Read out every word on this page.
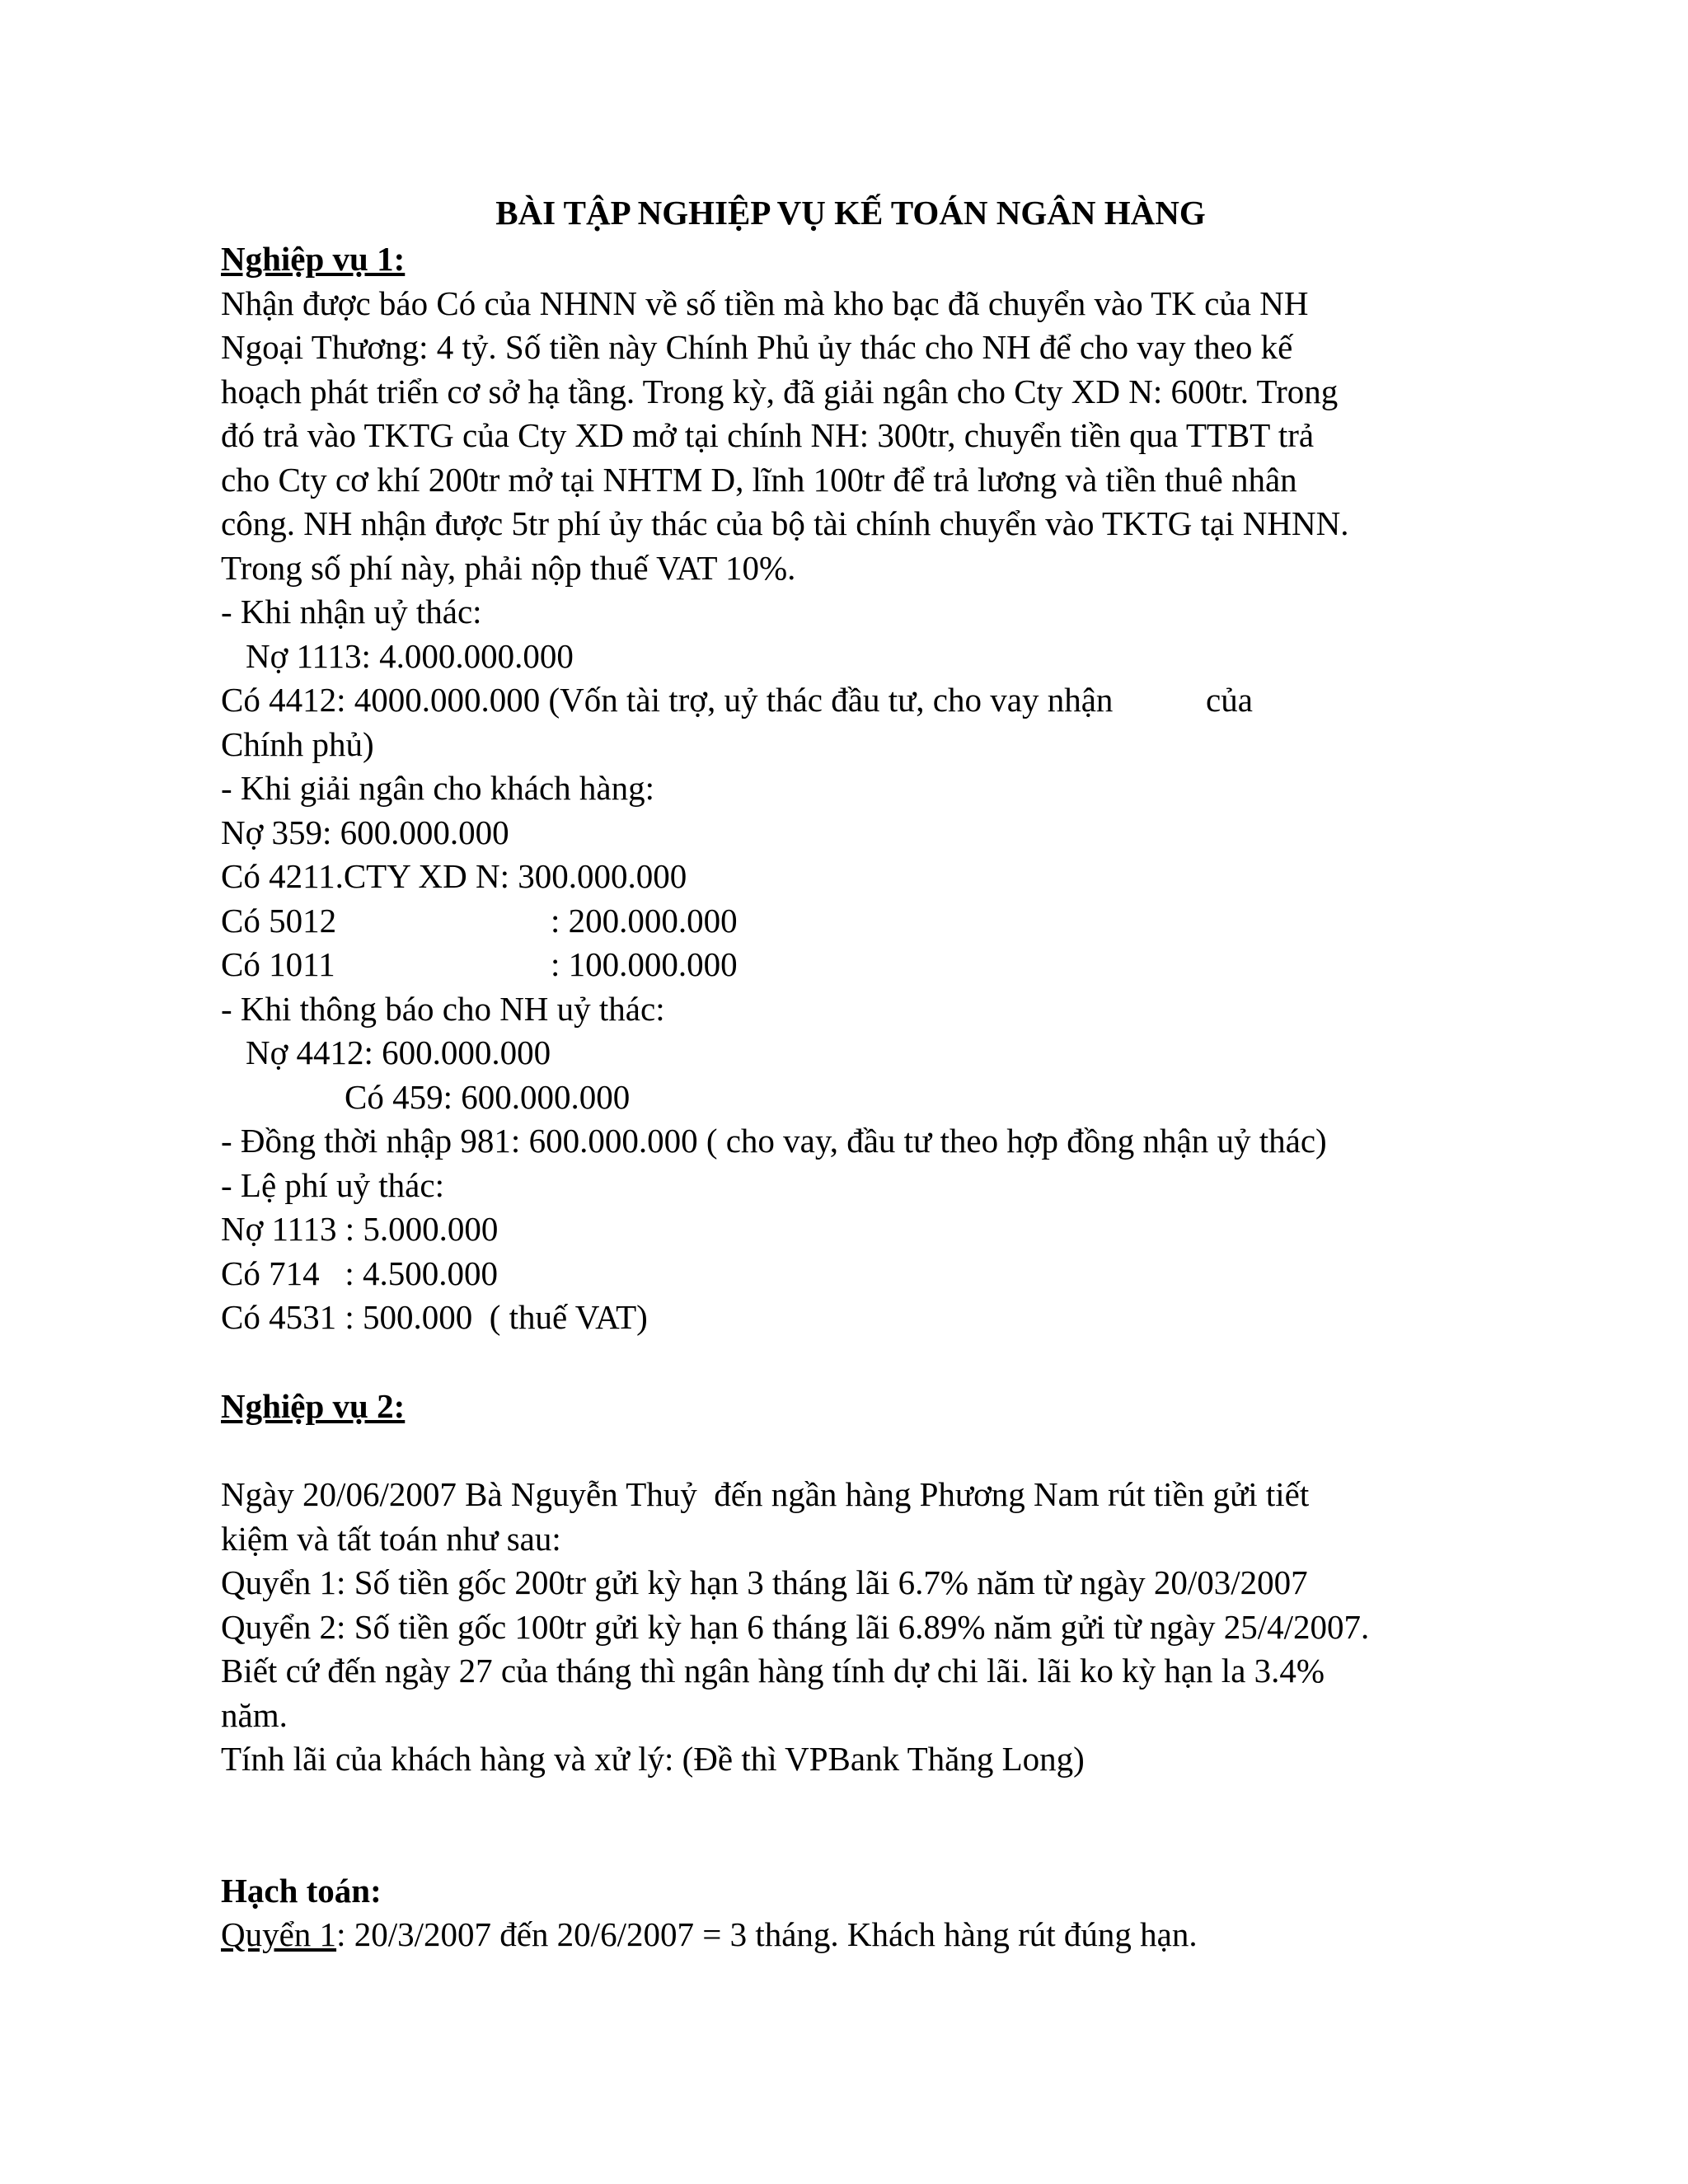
BÀI TẬP NGHIỆP VỤ KẾ TOÁN NGÂN HÀNG
Nghiệp vụ 1:
Nhận được báo Có của NHNN về số tiền mà kho bạc đã chuyển vào TK của NH
Ngoại Thương: 4 tỷ. Số tiền này Chính Phủ ủy thác cho NH để cho vay theo kế
hoạch phát triển cơ sở hạ tầng. Trong kỳ, đã giải ngân cho Cty XD N: 600tr. Trong
đó trả vào TKTG của Cty XD mở tại chính NH: 300tr, chuyển tiền qua TTBT trả
cho Cty cơ khí 200tr mở tại NHTM D, lĩnh 100tr để trả lương và tiền thuê nhân
công. NH nhận được 5tr phí ủy thác của bộ tài chính chuyển vào TKTG tại NHNN.
Trong số phí này, phải nộp thuế VAT 10%.
- Khi nhận uỷ thác:
Nợ 1113: 4.000.000.000
Có 4412: 4000.000.000 (Vốn tài trợ, uỷ thác đầu tư, cho vay nhận	của
Chính phủ)
- Khi giải ngân cho khách hàng:
Nợ 359: 600.000.000
Có 4211.CTY XD N: 300.000.000
Có 5012	: 200.000.000
Có 1011	: 100.000.000
- Khi thông báo cho NH uỷ thác:
Nợ 4412: 600.000.000
Có 459: 600.000.000
- Đồng thời nhập 981: 600.000.000 ( cho vay, đầu tư theo hợp đồng nhận uỷ thác)
- Lệ phí uỷ thác:
Nợ 1113 : 5.000.000
Có 714   : 4.500.000
Có 4531 : 500.000  ( thuế VAT)
Nghiệp vụ 2:
Ngày 20/06/2007 Bà Nguyễn Thuỷ  đến ngần hàng Phương Nam rút tiền gửi tiết
kiệm và tất toán như sau:
Quyển 1: Số tiền gốc 200tr gửi kỳ hạn 3 tháng lãi 6.7% năm từ ngày 20/03/2007
Quyển 2: Số tiền gốc 100tr gửi kỳ hạn 6 tháng lãi 6.89% năm gửi từ ngày 25/4/2007.
Biết cứ đến ngày 27 của tháng thì ngân hàng tính dự chi lãi. lãi ko kỳ hạn la 3.4%
năm.
Tính lãi của khách hàng và xử lý: (Đề thì VPBank Thăng Long)
Hạch toán:
Quyển 1: 20/3/2007 đến 20/6/2007 = 3 tháng. Khách hàng rút đúng hạn.
